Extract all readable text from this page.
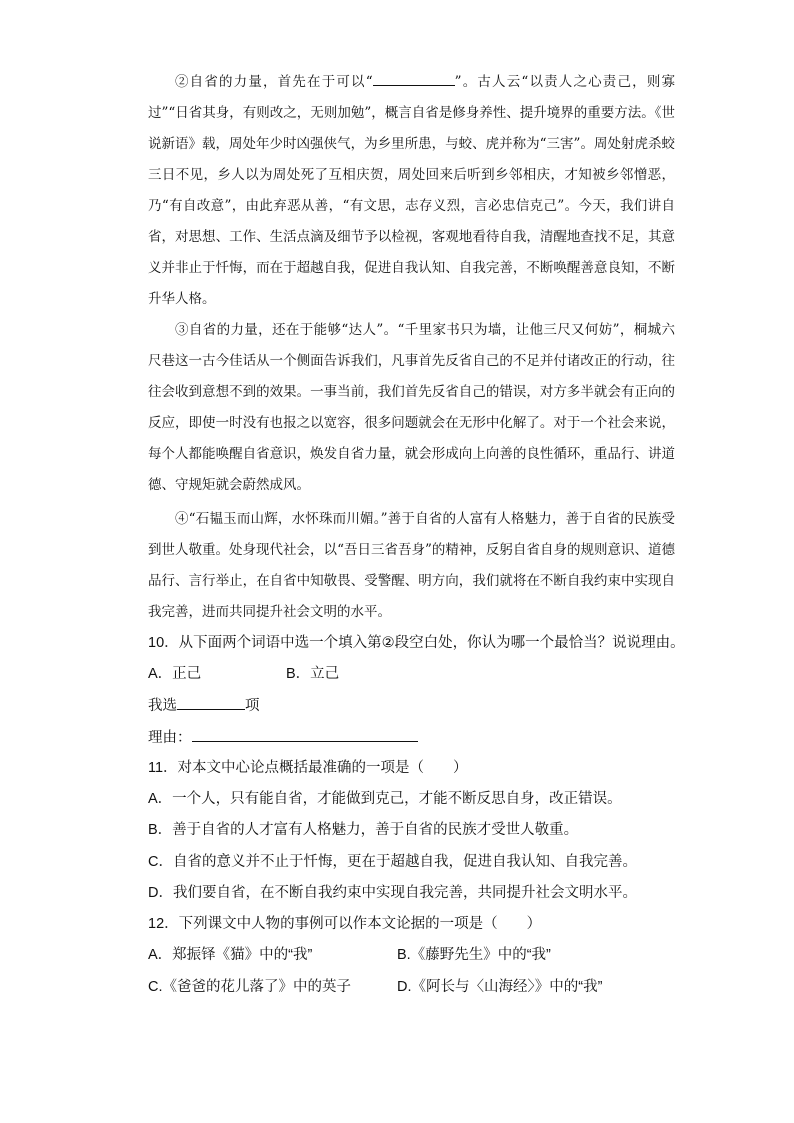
②自省的力量，首先在于可以“	”。古人云“以责人之心责己，则寡过”“日省其身，有则改之，无则加勉”，概言自省是修身养性、提升境界的重要方法。《世说新语》载，周处年少时凶强侠气，为乡里所患，与蛟、虎并称为“三害”。周处射虎杀蛟三日不见，乡人以为周处死了互相庆贺，周处回来后听到乡邻相庆，才知被乡邻憎恶，乃“有自改意”，由此弃恶从善，“有文思，志存义烈，言必忠信克己”。今天，我们讲自省，对思想、工作、生活点滴及细节予以检视，客观地看待自我，清醒地查找不足，其意义并非止于忏悔，而在于超越自我，促进自我认知、自我完善，不断唤醒善意良知，不断升华人格。

③自省的力量，还在于能够“达人”。“千里家书只为墙，让他三尺又何妨”，桐城六尺巷这一古今佳话从一个侧面告诉我们，凡事首先反省自己的不足并付诸改正的行动，往往会收到意想不到的效果。一事当前，我们首先反省自己的错误，对方多半就会有正向的反应，即使一时没有也报之以宽容，很多问题就会在无形中化解了。对于一个社会来说，每个人都能唤醒自省意识，焕发自省力量，就会形成向上向善的良性循环，重品行、讲道德、守规矩就会蔚然成风。

④“石韫玉而山辉，水怀珠而川媚。”善于自省的人富有人格魅力，善于自省的民族受到世人敬重。处身现代社会，以“吾日三省吾身”的精神，反躬自省自身的规则意识、道德品行、言行举止，在自省中知敬畏、受警醒、明方向，我们就将在不断自我约束中实现自我完善，进而共同提升社会文明的水平。

10．从下面两个词语中选一个填入第②段空白处，你认为哪一个最恰当？说说理由。

A．正己	B．立己

我选	项

理由：

11．对本文中心论点概括最准确的一项是（　　）

A．一个人，只有能自省，才能做到克己，才能不断反思自身，改正错误。

B．善于自省的人才富有人格魅力，善于自省的民族才受世人敬重。

C．自省的意义并不止于忏悔，更在于超越自我，促进自我认知、自我完善。

D．我们要自省，在不断自我约束中实现自我完善，共同提升社会文明水平。

12．下列课文中人物的事例可以作本文论据的一项是（　　）

A．郑振铎《猫》中的“我”	B.《藤野先生》中的“我”

C.《爸爸的花儿落了》中的英子	D.《阿长与〈山海经〉》中的“我”
